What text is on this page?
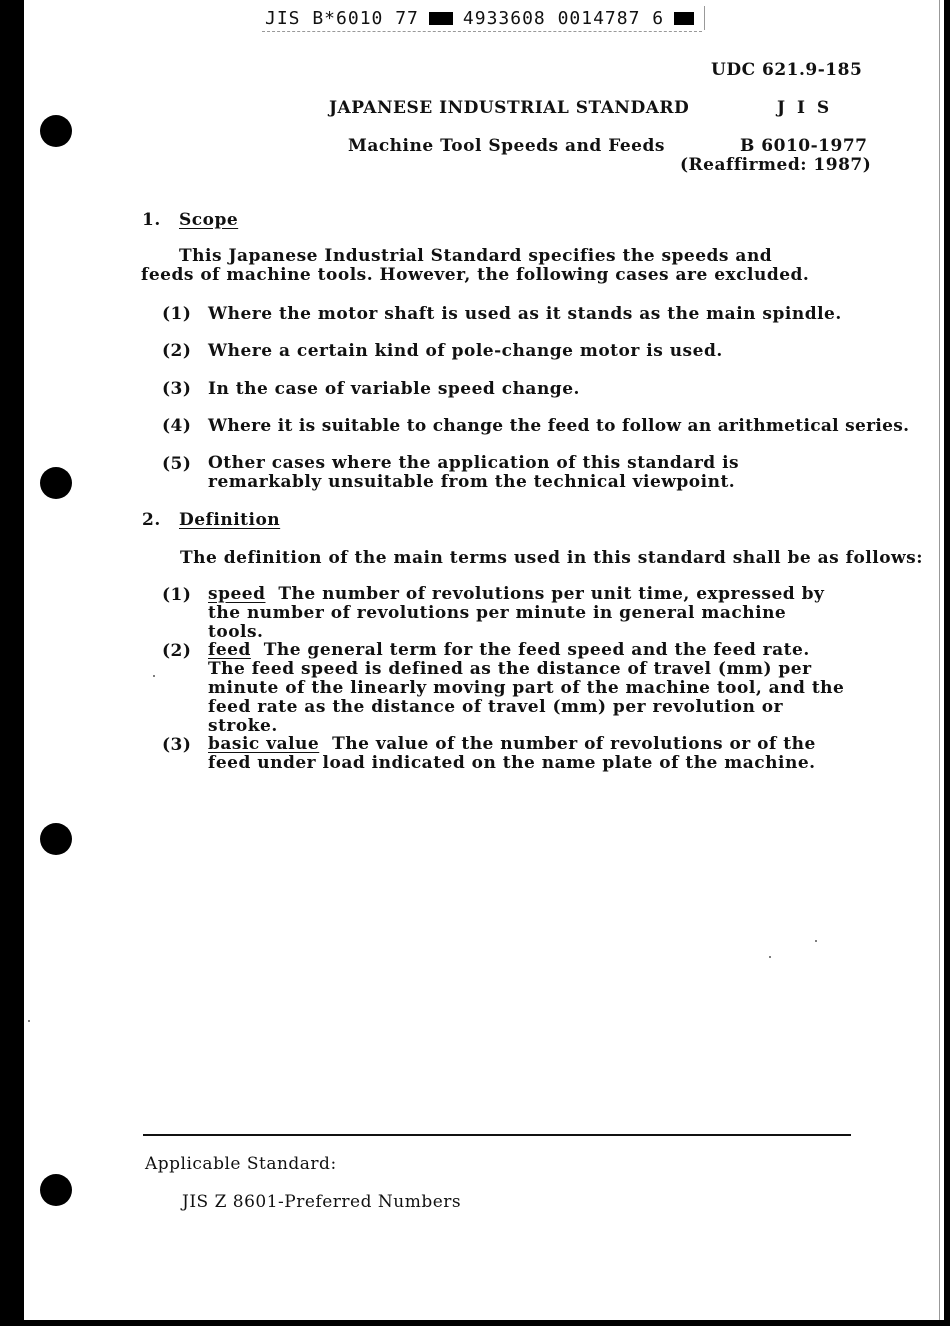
JIS B*6010 77 4933608 0014787 6
UDC 621.9-185
JAPANESE INDUSTRIAL STANDARD	J I S
Machine Tool Speeds and Feeds	B 6010-1977
(Reaffirmed: 1987)
1. Scope
This Japanese Industrial Standard specifies the speeds and feeds of machine tools. However, the following cases are excluded.
(1) Where the motor shaft is used as it stands as the main spindle.
(2) Where a certain kind of pole-change motor is used.
(3) In the case of variable speed change.
(4) Where it is suitable to change the feed to follow an arithmetical series.
(5) Other cases where the application of this standard is remarkably unsuitable from the technical viewpoint.
2. Definition
The definition of the main terms used in this standard shall be as follows:
(1) speed The number of revolutions per unit time, expressed by the number of revolutions per minute in general machine tools.
(2) feed The general term for the feed speed and the feed rate. The feed speed is defined as the distance of travel (mm) per minute of the linearly moving part of the machine tool, and the feed rate as the distance of travel (mm) per revolution or stroke.
(3) basic value The value of the number of revolutions or of the feed under load indicated on the name plate of the machine.
Applicable Standard:
JIS Z 8601-Preferred Numbers
